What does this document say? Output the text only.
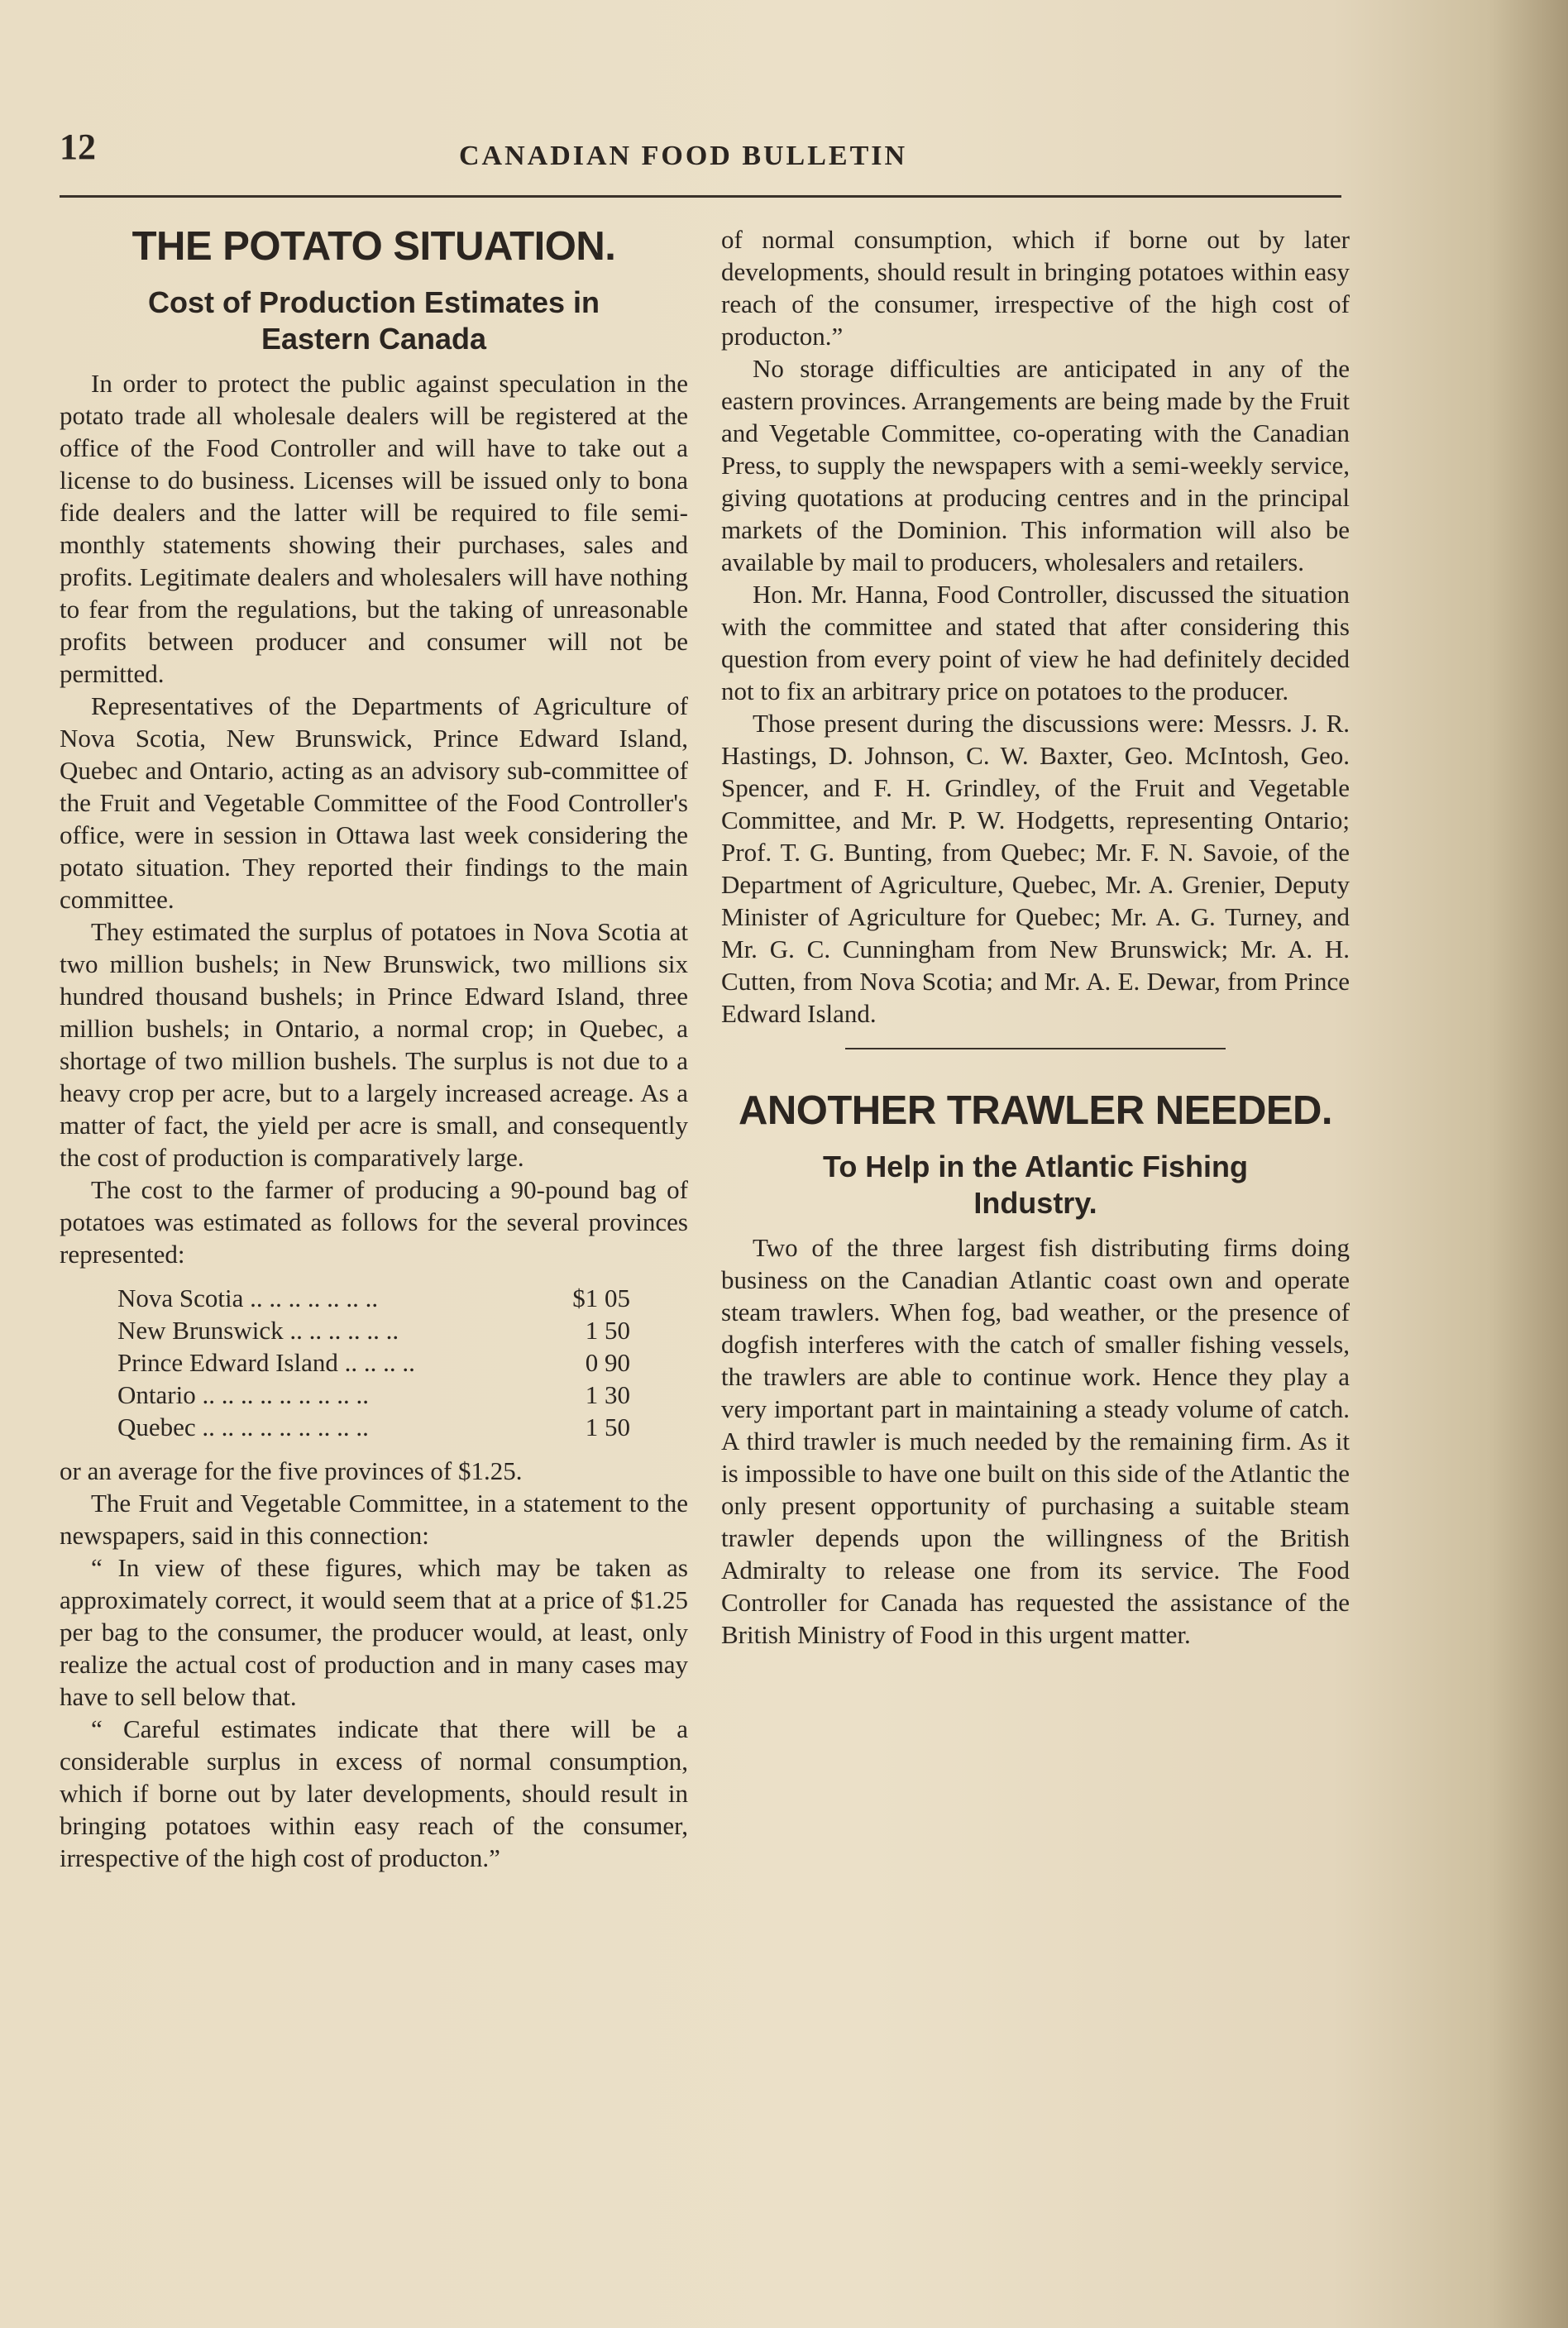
12	CANADIAN FOOD BULLETIN
THE POTATO SITUATION.
Cost of Production Estimates in Eastern Canada

In order to protect the public against speculation in the potato trade all wholesale dealers will be registered at the office of the Food Controller and will have to take out a license to do business. Licenses will be issued only to bona fide dealers and the latter will be required to file semi-monthly statements showing their purchases, sales and profits. Legitimate dealers and wholesalers will have nothing to fear from the regulations, but the taking of unreasonable profits between producer and consumer will not be permitted.

Representatives of the Departments of Agriculture of Nova Scotia, New Brunswick, Prince Edward Island, Quebec and Ontario, acting as an advisory sub-committee of the Fruit and Vegetable Committee of the Food Controller's office, were in session in Ottawa last week considering the potato situation. They reported their findings to the main committee.

They estimated the surplus of potatoes in Nova Scotia at two million bushels; in New Brunswick, two millions six hundred thousand bushels; in Prince Edward Island, three million bushels; in Ontario, a normal crop; in Quebec, a shortage of two million bushels. The surplus is not due to a heavy crop per acre, but to a largely increased acreage. As a matter of fact, the yield per acre is small, and consequently the cost of production is comparatively large.

The cost to the farmer of producing a 90-pound bag of potatoes was estimated as follows for the several provinces represented:

Nova Scotia .. .. .. .. .. .. ..	$1 05
New Brunswick .. .. .. .. .. ..	1 50
Prince Edward Island .. .. .. ..	0 90
Ontario .. .. .. .. .. .. .. .. ..	1 30
Quebec .. .. .. .. .. .. .. .. ..	1 50

or an average for the five provinces of $1.25.

The Fruit and Vegetable Committee, in a statement to the newspapers, said in this connection:

“ In view of these figures, which may be taken as approximately correct, it would seem that at a price of $1.25 per bag to the consumer, the producer would, at least, only realize the actual cost of production and in many cases may have to sell below that.

“ Careful estimates indicate that there will be a considerable surplus in excess of normal consumption, which if borne out by later developments, should result in bringing potatoes within easy reach of the consumer, irrespective of the high cost of producton.”

of normal consumption, which if borne out by later developments, should result in bringing potatoes within easy reach of the consumer, irrespective of the high cost of producton.”

No storage difficulties are anticipated in any of the eastern provinces. Arrangements are being made by the Fruit and Vegetable Committee, co-operating with the Canadian Press, to supply the newspapers with a semi-weekly service, giving quotations at producing centres and in the principal markets of the Dominion. This information will also be available by mail to producers, wholesalers and retailers.

Hon. Mr. Hanna, Food Controller, discussed the situation with the committee and stated that after considering this question from every point of view he had definitely decided not to fix an arbitrary price on potatoes to the producer.

Those present during the discussions were: Messrs. J. R. Hastings, D. Johnson, C. W. Baxter, Geo. McIntosh, Geo. Spencer, and F. H. Grindley, of the Fruit and Vegetable Committee, and Mr. P. W. Hodgetts, representing Ontario; Prof. T. G. Bunting, from Quebec; Mr. F. N. Savoie, of the Department of Agriculture, Quebec, Mr. A. Grenier, Deputy Minister of Agriculture for Quebec; Mr. A. G. Turney, and Mr. G. C. Cunningham from New Brunswick; Mr. A. H. Cutten, from Nova Scotia; and Mr. A. E. Dewar, from Prince Edward Island.

ANOTHER TRAWLER NEEDED.
To Help in the Atlantic Fishing Industry.

Two of the three largest fish distributing firms doing business on the Canadian Atlantic coast own and operate steam trawlers. When fog, bad weather, or the presence of dogfish interferes with the catch of smaller fishing vessels, the trawlers are able to continue work. Hence they play a very important part in maintaining a steady volume of catch. A third trawler is much needed by the remaining firm. As it is impossible to have one built on this side of the Atlantic the only present opportunity of purchasing a suitable steam trawler depends upon the willingness of the British Admiralty to release one from its service. The Food Controller for Canada has requested the assistance of the British Ministry of Food in this urgent matter.
